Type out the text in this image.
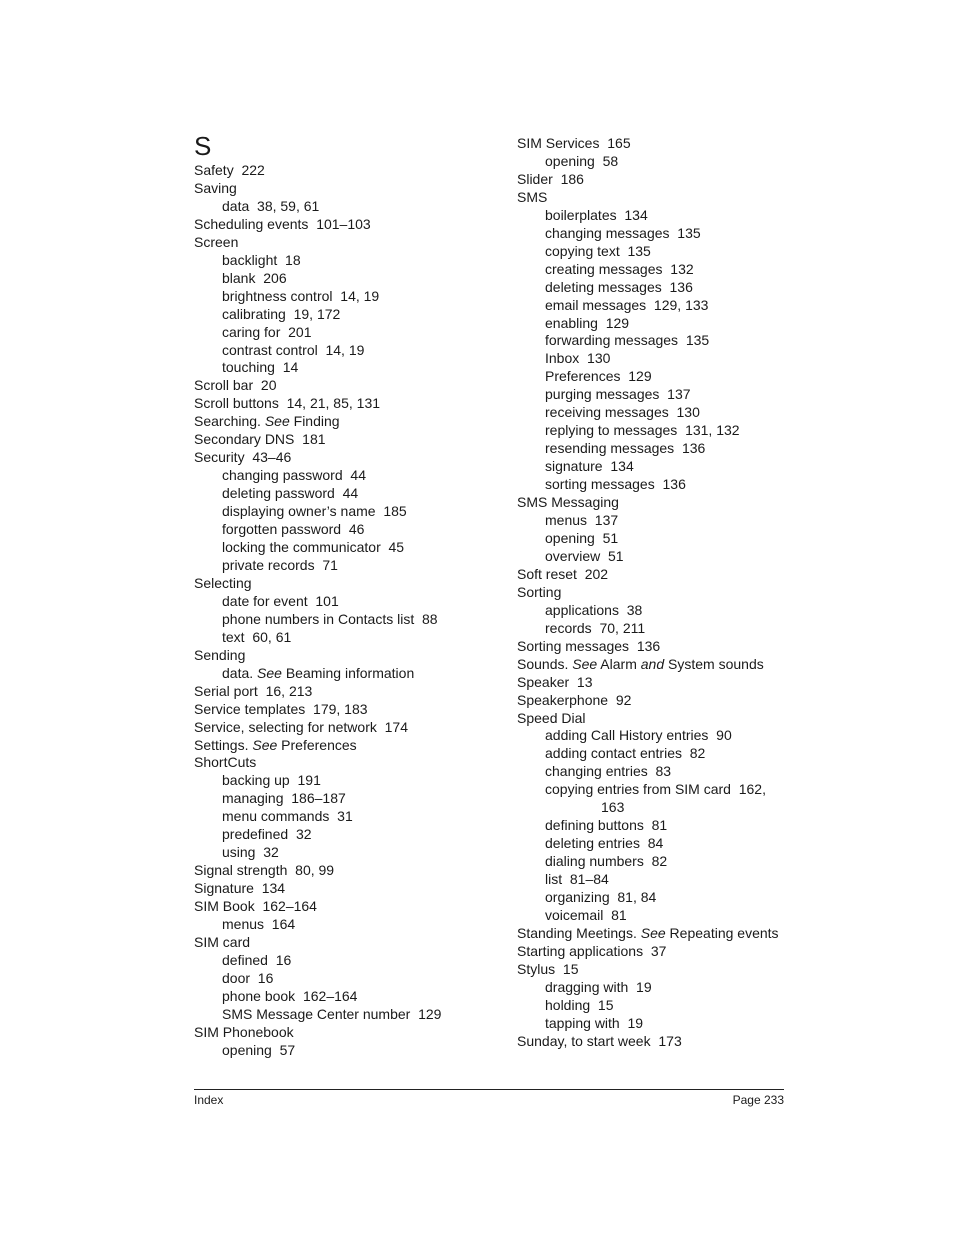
S
Safety  222
Saving
data  38, 59, 61
Scheduling events  101–103
Screen
backlight  18
blank  206
brightness control  14, 19
calibrating  19, 172
caring for  201
contrast control  14, 19
touching  14
Scroll bar  20
Scroll buttons  14, 21, 85, 131
Searching. See Finding
Secondary DNS  181
Security  43–46
changing password  44
deleting password  44
displaying owner’s name  185
forgotten password  46
locking the communicator  45
private records  71
Selecting
date for event  101
phone numbers in Contacts list  88
text  60, 61
Sending
data. See Beaming information
Serial port  16, 213
Service templates  179, 183
Service, selecting for network  174
Settings. See Preferences
ShortCuts
backing up  191
managing  186–187
menu commands  31
predefined  32
using  32
Signal strength  80, 99
Signature  134
SIM Book  162–164
menus  164
SIM card
defined  16
door  16
phone book  162–164
SMS Message Center number  129
SIM Phonebook
opening  57
SIM Services  165
opening  58
Slider  186
SMS
boilerplates  134
changing messages  135
copying text  135
creating messages  132
deleting messages  136
email messages  129, 133
enabling  129
forwarding messages  135
Inbox  130
Preferences  129
purging messages  137
receiving messages  130
replying to messages  131, 132
resending messages  136
signature  134
sorting messages  136
SMS Messaging
menus  137
opening  51
overview  51
Soft reset  202
Sorting
applications  38
records  70, 211
Sorting messages  136
Sounds. See Alarm and System sounds
Speaker  13
Speakerphone  92
Speed Dial
adding Call History entries  90
adding contact entries  82
changing entries  83
copying entries from SIM card  162,
163
defining buttons  81
deleting entries  84
dialing numbers  82
list  81–84
organizing  81, 84
voicemail  81
Standing Meetings. See Repeating events
Starting applications  37
Stylus  15
dragging with  19
holding  15
tapping with  19
Sunday, to start week  173
Index	Page 233
